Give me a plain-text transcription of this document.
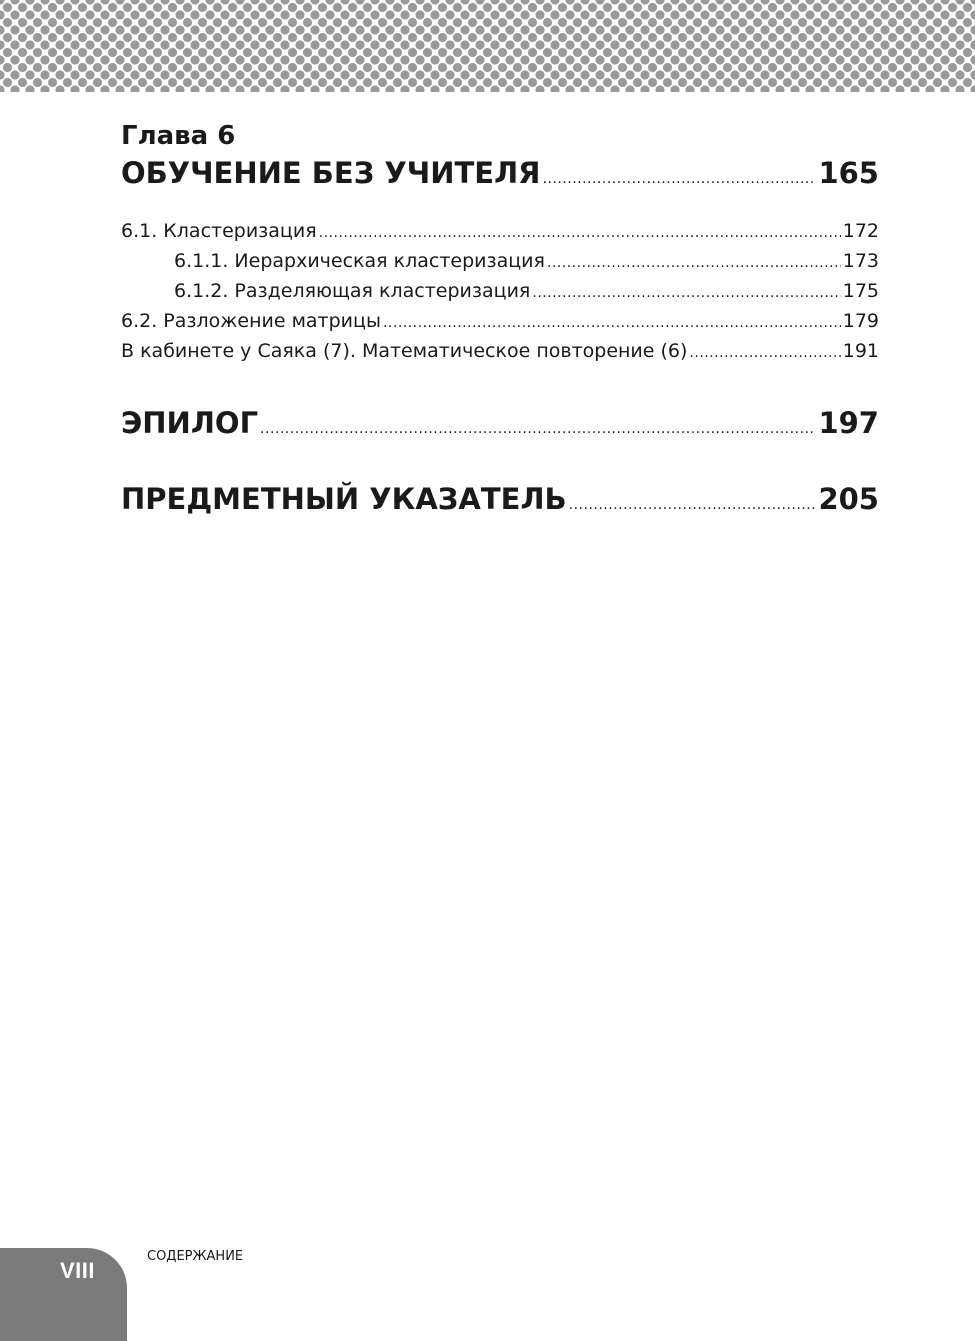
Глава 6
ОБУЧЕНИЕ БЕЗ УЧИТЕЛЯ .....	165
6.1. Кластеризация .....	172
6.1.1. Иерархическая кластеризация .....	173
6.1.2. Разделяющая кластеризация .....	175
6.2. Разложение матрицы .....	179
В кабинете у Саяка (7). Математическое повторение (6) .....	191
ЭПИЛОГ .....	197
ПРЕДМЕТНЫЙ УКАЗАТЕЛЬ .....	205
VIII
СОДЕРЖАНИЕ
